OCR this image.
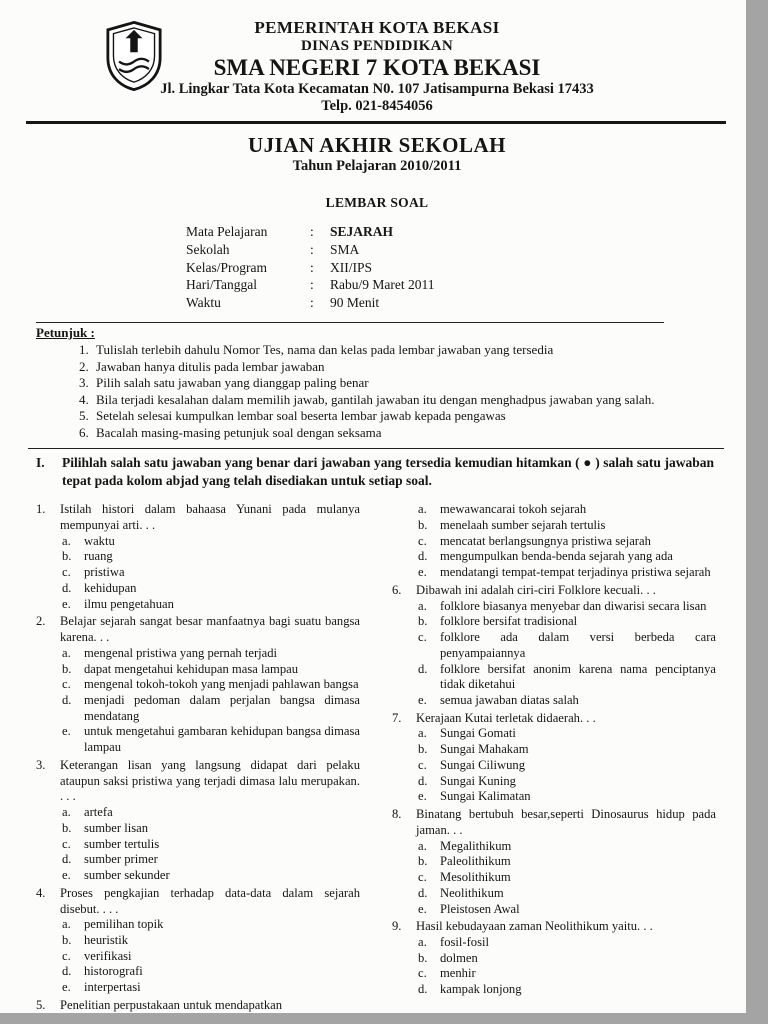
PEMERINTAH KOTA BEKASI
DINAS PENDIDIKAN
SMA NEGERI 7 KOTA BEKASI
Jl. Lingkar Tata Kota Kecamatan N0. 107 Jatisampurna Bekasi 17433
Telp. 021-8454056
UJIAN AKHIR SEKOLAH
Tahun Pelajaran 2010/2011
LEMBAR SOAL
Mata Pelajaran	:	SEJARAH
Sekolah	:	SMA
Kelas/Program	:	XII/IPS
Hari/Tanggal	:	Rabu/9 Maret 2011
Waktu	:	90 Menit
Petunjuk :
1. Tulislah terlebih dahulu Nomor Tes, nama dan kelas pada lembar jawaban yang tersedia
2. Jawaban hanya ditulis pada lembar jawaban
3. Pilih salah satu jawaban yang dianggap paling benar
4. Bila terjadi kesalahan dalam memilih jawab, gantilah jawaban itu dengan menghadpus jawaban yang salah.
5. Setelah selesai kumpulkan lembar soal beserta lembar jawab kepada pengawas
6. Bacalah masing-masing petunjuk soal dengan seksama
I.	Pilihlah salah satu jawaban yang benar dari jawaban yang tersedia kemudian hitamkan ( ● ) salah satu jawaban tepat pada kolom abjad yang telah disediakan untuk setiap soal.
1.	Istilah histori dalam bahaasa Yunani pada mulanya mempunyai arti. . .
a.	waktu
b. ruang
c.	pristiwa
d. kehidupan
e.	ilmu pengetahuan
2.	Belajar sejarah sangat besar manfaatnya bagi suatu bangsa karena. . .
a.	mengenal pristiwa yang pernah terjadi
b. dapat mengetahui kehidupan masa lampau
c.	mengenal tokoh-tokoh yang menjadi pahlawan bangsa
d. menjadi pedoman dalam perjalan bangsa dimasa mendatang
e.	untuk mengetahui gambaran kehidupan bangsa dimasa lampau
3.	Keterangan lisan yang langsung didapat dari pelaku ataupun saksi pristiwa yang terjadi dimasa lalu merupakan. . . .
a.	artefa
b. sumber lisan
c.	sumber tertulis
d. sumber primer
e.	sumber sekunder
4.	Proses pengkajian terhadap data-data dalam sejarah disebut. . . .
a.	pemilihan topik
b. heuristik
c.	verifikasi
d. historografi
e.	interpertasi
5.	Penelitian perpustakaan untuk mendapatkan
a.	mewawancarai tokoh sejarah
b. menelaah sumber sejarah tertulis
c.	mencatat berlangsungnya pristiwa sejarah
d. mengumpulkan benda-benda sejarah yang ada
e.	mendatangi tempat-tempat terjadinya pristiwa sejarah
6.	Dibawah ini adalah ciri-ciri Folklore kecuali. . .
a.	folklore biasanya menyebar dan diwarisi secara lisan
b. folklore bersifat tradisional
c.	folklore ada dalam versi berbeda cara penyampaiannya
d. folklore bersifat anonim karena nama penciptanya tidak diketahui
e.	semua jawaban diatas salah
7.	Kerajaan Kutai terletak didaerah. . .
a.	Sungai Gomati
b. Sungai Mahakam
c.	Sungai Ciliwung
d. Sungai Kuning
e.	Sungai Kalimatan
8.	Binatang bertubuh besar,seperti Dinosaurus hidup pada jaman. . .
a.	Megalithikum
b. Paleolithikum
c.	Mesolithikum
d. Neolithikum
e.	Pleistosen Awal
9.	Hasil kebudayaan zaman Neolithikum yaitu. . .
a.	fosil-fosil
b. dolmen
c.	menhir
d. kampak lonjong
